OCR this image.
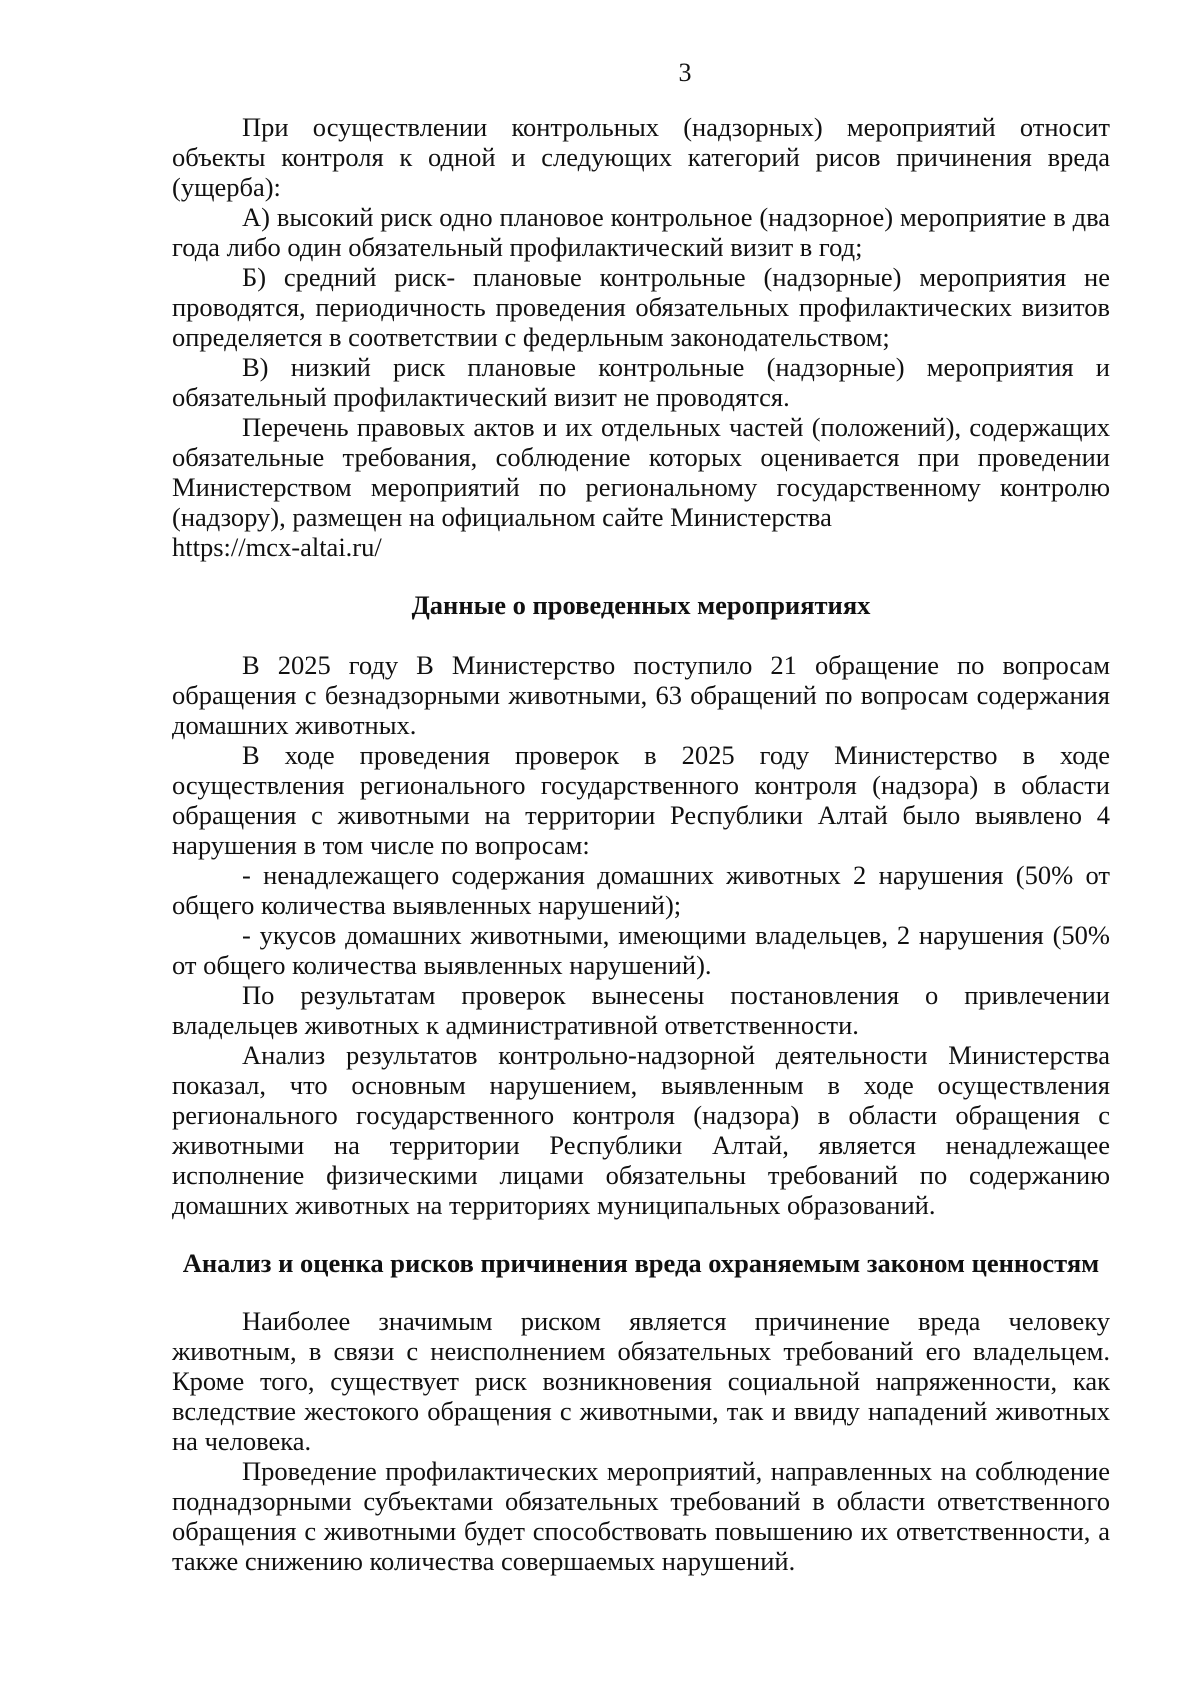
3

При осуществлении контрольных (надзорных) мероприятий относит объекты контроля к одной и следующих категорий рисов причинения вреда (ущерба):

А) высокий риск одно плановое контрольное (надзорное) мероприятие в два года либо один обязательный профилактический визит в год;

Б) средний риск- плановые контрольные (надзорные) мероприятия не проводятся, периодичность проведения обязательных профилактических визитов определяется в соответствии с федерльным законодательством;

В) низкий риск плановые контрольные (надзорные) мероприятия и обязательный профилактический визит не проводятся.

Перечень правовых актов и их отдельных частей (положений), содержащих обязательные требования, соблюдение которых оценивается при проведении Министерством мероприятий по региональному государственному контролю (надзору), размещен на официальном сайте Министерства

https://mcx-altai.ru/

Данные о проведенных мероприятиях

В 2025 году В Министерство поступило 21 обращение по вопросам обращения с безнадзорными животными, 63 обращений по вопросам содержания домашних животных.

В ходе проведения проверок в 2025 году Министерство в ходе осуществления регионального государственного контроля (надзора) в области обращения с животными на территории Республики Алтай было выявлено 4 нарушения в том числе по вопросам:

- ненадлежащего содержания домашних животных 2 нарушения (50% от общего количества выявленных нарушений);

- укусов домашних животными, имеющими владельцев, 2 нарушения (50% от общего количества выявленных нарушений).

По результатам проверок вынесены постановления о привлечении владельцев животных к административной ответственности.

Анализ результатов контрольно-надзорной деятельности Министерства показал, что основным нарушением, выявленным в ходе осуществления регионального государственного контроля (надзора) в области обращения с животными на территории Республики Алтай, является ненадлежащее исполнение физическими лицами обязательны требований по содержанию домашних животных на территориях муниципальных образований.

Анализ и оценка рисков причинения вреда охраняемым законом ценностям

Наиболее значимым риском является причинение вреда человеку животным, в связи с неисполнением обязательных требований его владельцем. Кроме того, существует риск возникновения социальной напряженности, как вследствие жестокого обращения с животными, так и ввиду нападений животных на человека.

Проведение профилактических мероприятий, направленных на соблюдение поднадзорными субъектами обязательных требований в области ответственного обращения с животными будет способствовать повышению их ответственности, а также снижению количества совершаемых нарушений.
